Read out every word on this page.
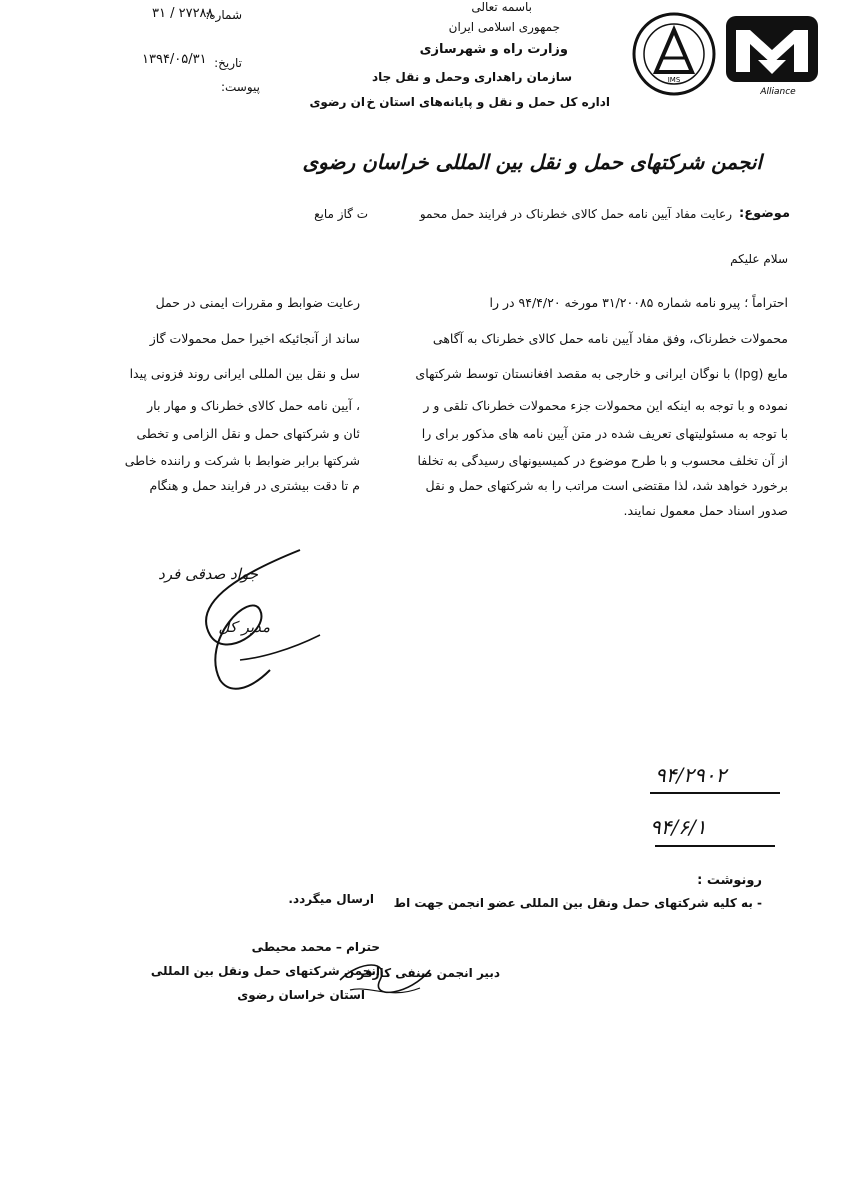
IMS
Alliance
باسمه تعالی
جمهوری اسلامی ایران
وزارت راه و شهرسازی
سازمان راهداری وحمل و نقل جاد
اداره کل حمل و نقل و پایانه‌های استان خ
ان رضوی
شماره:
۳۱ / ۲۷۲۸۸
تاریخ:
۱۳۹۴/۰۵/۳۱
پیوست:
انجمن شرکتهای حمل و نقل بین المللی خراسان رضوی
موضوع:
رعایت مفاد آیین نامه حمل کالای خطرناک در فرایند حمل محمو
ت گاز مایع
سلام علیکم
احتراماً ؛ پیرو نامه شماره ۳۱/۲۰۰۸۵ مورخه ۹۴/۴/۲۰ در را
محمولات خطرناک، وفق مفاد آیین نامه حمل کالای خطرناک به آگاهی
مایع (lpg) با نوگان ایرانی و خارجی به مقصد افغانستان توسط شرکتهای
نموده و با توجه به اینکه این محمولات جزء محمولات خطرناک تلقی و ر
با توجه به مسئولیتهای تعریف شده در متن آیین نامه های مذکور برای را
از آن تخلف محسوب و با طرح موضوع در کمیسیونهای رسیدگی به تخلفا
برخورد خواهد شد، لذا مقتضی است مراتب را به شرکتهای حمل و نقل
صدور اسناد حمل معمول نمایند.
رعایت ضوابط و مقررات ایمنی در حمل
ساند از آنجائیکه اخیرا حمل محمولات گاز
سل و نقل بین المللی ایرانی روند فزونی پیدا
، آیین نامه حمل کالای خطرناک و مهار بار
ئان و شرکتهای حمل و نقل الزامی و تخطی
شرکتها برابر ضوابط با شرکت و راننده خاطی
م تا دقت بیشتری در فرایند حمل و هنگام
جواد صدقی فرد
مدیر کل
۹۴/۲۹۰۲
۹۴/۶/۱
رونوشت :
- به کلیه شرکتهای حمل ونقل بین المللی عضو انجمن جهت اط
ارسال میگردد.
حترام – محمد محیطی
انجمن شرکتهای حمل ونقل بین المللی
استان خراسان رضوی
دبیر انجمن صنفی کارفر
